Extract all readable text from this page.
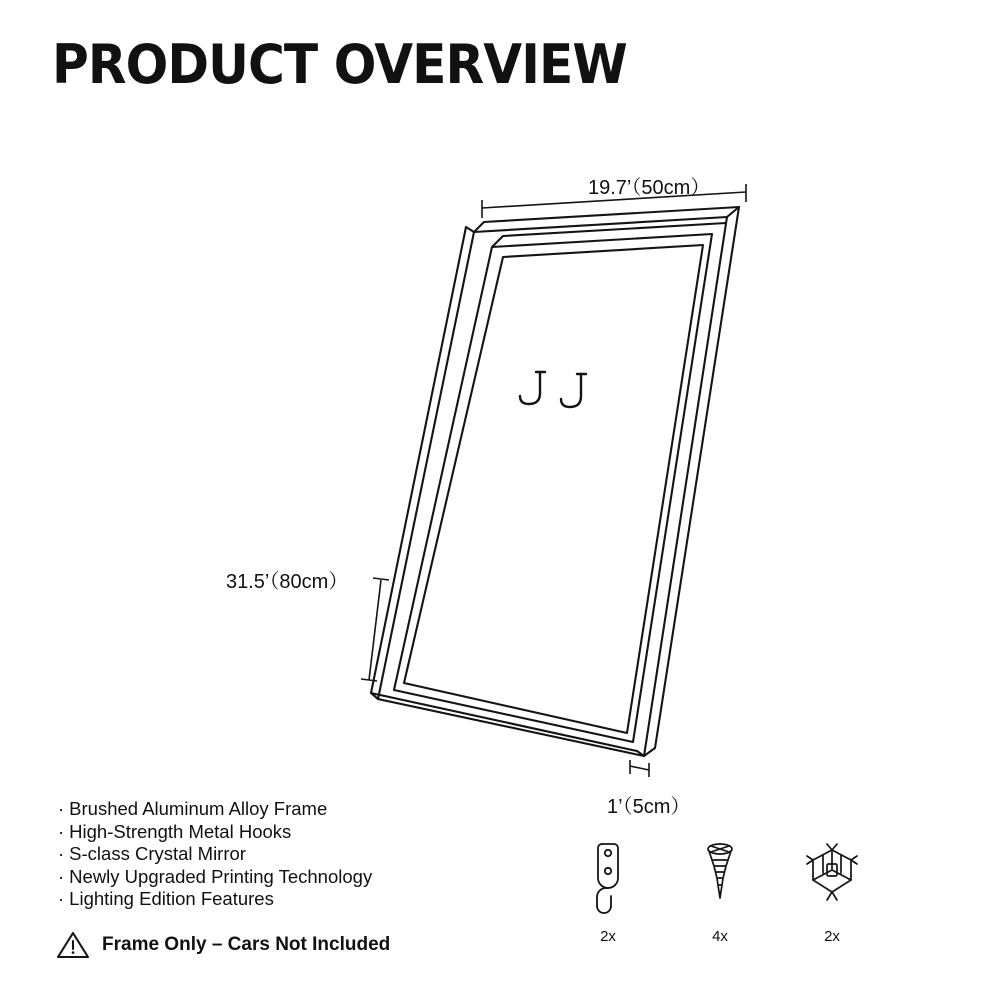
PRODUCT OVERVIEW
19.7’（50cm）
31.5’（80cm）
1’（5cm）
· Brushed Aluminum Alloy Frame
· High-Strength Metal Hooks
· S-class Crystal Mirror
· Newly Upgraded Printing Technology
· Lighting Edition Features
Frame Only – Cars Not Included	2x	4x	2x
